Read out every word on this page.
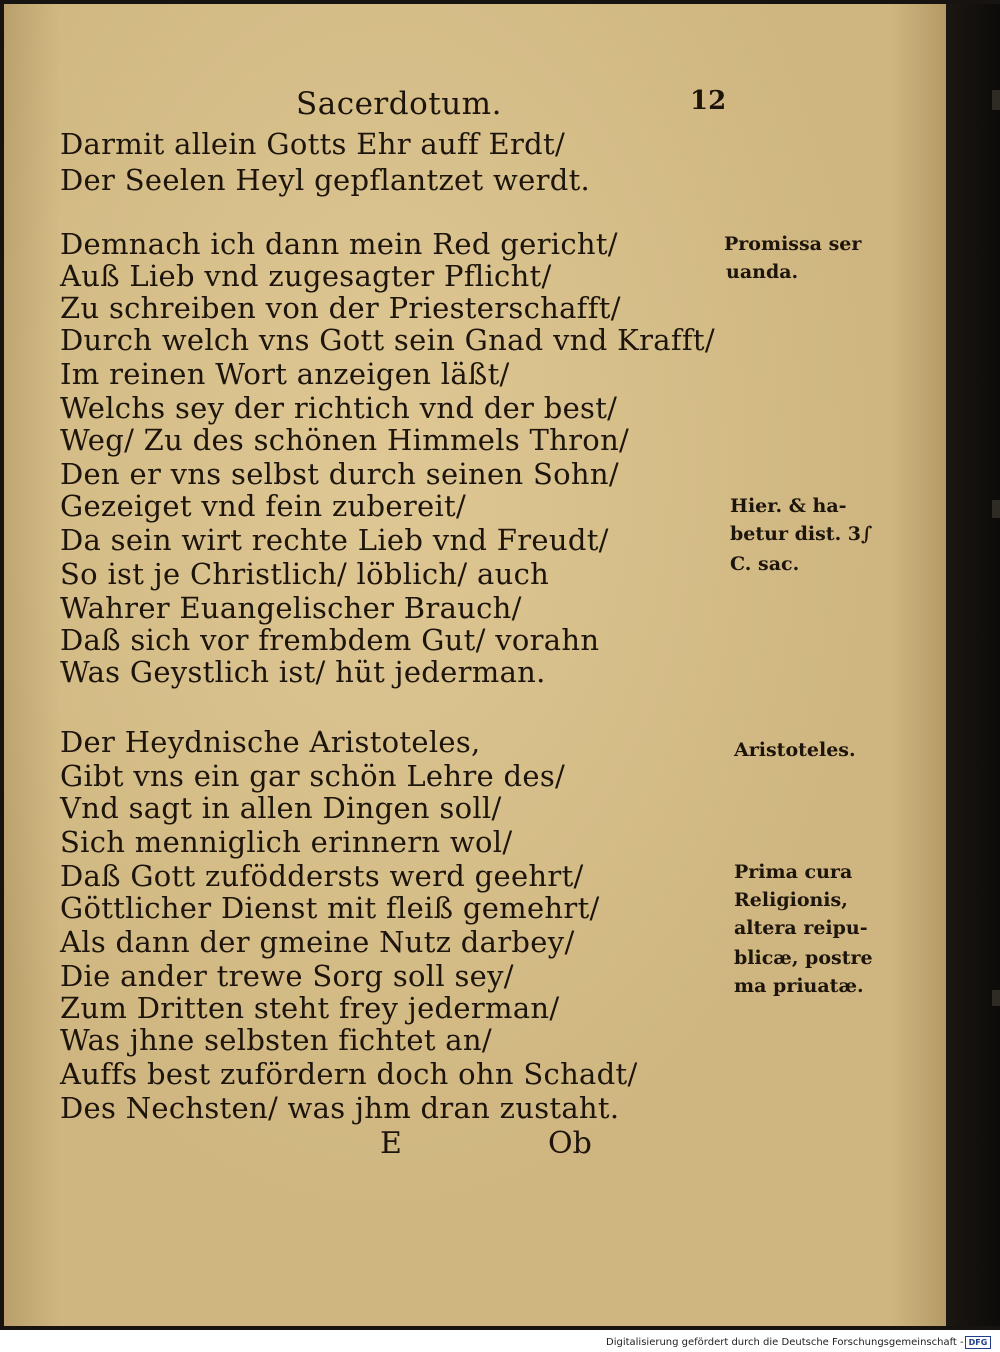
Sacerdotum.	12
Darmit allein Gotts Ehr auff Erdt/
Der Seelen Heyl gepflantzet werdt.
Demnach ich dann mein Red gericht/
Auß Lieb vnd zugesagter Pflicht/
Zu schreiben von der Priesterschafft/
Durch welch vns Gott sein Gnad vnd Krafft/
Im reinen Wort anzeigen läßt/
Welchs sey der richtich vnd der best/
Weg/ Zu des schönen Himmels Thron/
Den er vns selbst durch seinen Sohn/
Gezeiget vnd fein zubereit/
Da sein wirt rechte Lieb vnd Freudt/
So ist je Christlich/ löblich/ auch
Wahrer Euangelischer Brauch/
Daß sich vor frembdem Gut/ vorahn
Was Geystlich ist/ hüt jederman.
Der Heydnische Aristoteles,
Gibt vns ein gar schön Lehre des/
Vnd sagt in allen Dingen soll/
Sich menniglich erinnern wol/
Daß Gott zuföddersts werd geehrt/
Göttlicher Dienst mit fleiß gemehrt/
Als dann der gmeine Nutz darbey/
Die ander trewe Sorg soll sey/
Zum Dritten steht frey jederman/
Was jhne selbsten fichtet an/
Auffs best zufördern doch ohn Schadt/
Des Nechsten/ was jhm dran zustaht.
Promissa ser
uanda.
Hier. & ha-
betur dist. 3∫
C. sac.
Aristoteles.
Prima cura
Religionis,
altera reipu-
blicæ, postre
ma priuatæ.
E	Ob
Digitalisierung gefördert durch die Deutsche Forschungsgemeinschaft - DFG
